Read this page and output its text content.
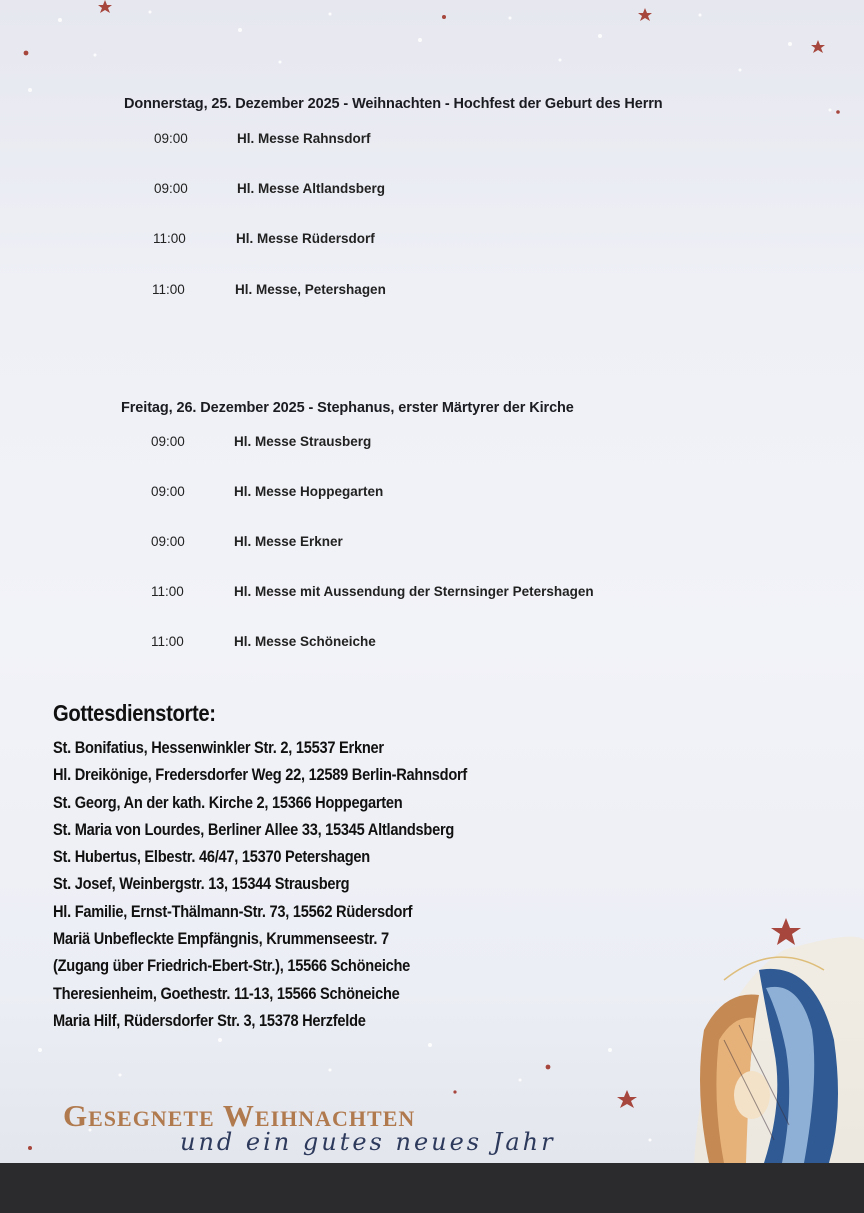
Donnerstag, 25. Dezember 2025 - Weihnachten - Hochfest der Geburt des Herrn
09:00	Hl. Messe Rahnsdorf
09:00	Hl. Messe Altlandsberg
11:00	Hl. Messe Rüdersdorf
11:00	Hl. Messe, Petershagen
Freitag, 26. Dezember 2025 - Stephanus, erster Märtyrer der Kirche
09:00	Hl. Messe Strausberg
09:00	Hl. Messe Hoppegarten
09:00	Hl. Messe Erkner
11:00	Hl. Messe mit Aussendung der Sternsinger Petershagen
11:00	Hl. Messe Schöneiche
Gottesdienstorte:
St. Bonifatius, Hessenwinkler Str. 2, 15537 Erkner
Hl. Dreikönige, Fredersdorfer Weg 22, 12589 Berlin-Rahnsdorf
St. Georg, An der kath. Kirche 2, 15366 Hoppegarten
St. Maria von Lourdes, Berliner Allee 33, 15345 Altlandsberg
St. Hubertus, Elbestr. 46/47, 15370 Petershagen
St. Josef, Weinbergstr. 13, 15344 Strausberg
Hl. Familie, Ernst-Thälmann-Str. 73, 15562 Rüdersdorf
Mariä Unbefleckte Empfängnis, Krummenseestr. 7
(Zugang über Friedrich-Ebert-Str.), 15566 Schöneiche
Theresienheim, Goethestr. 11-13, 15566 Schöneiche
Maria Hilf, Rüdersdorfer Str. 3, 15378 Herzfelde
Gesegnete Weihnachten
und ein gutes neues Jahr
